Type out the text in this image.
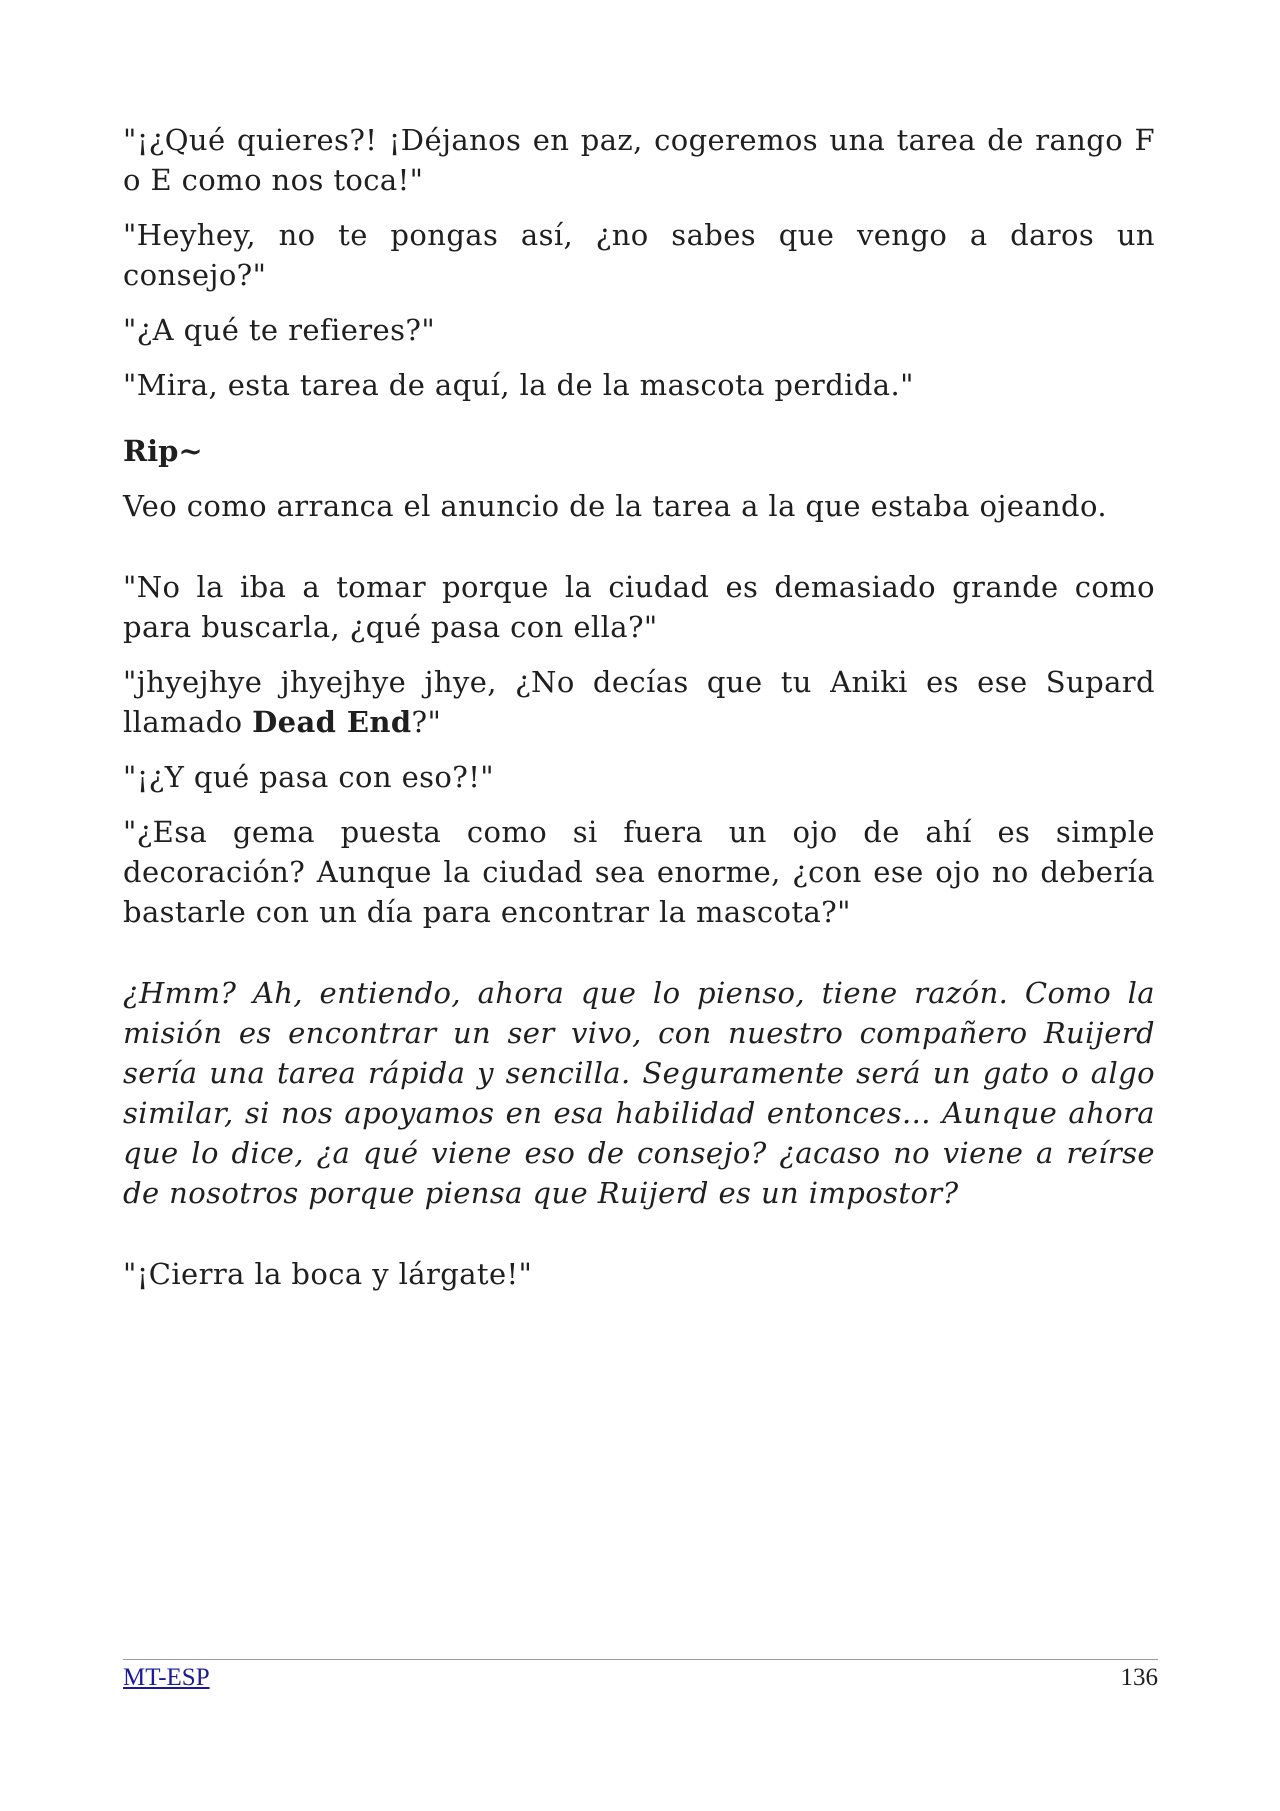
"¡¿Qué quieres?! ¡Déjanos en paz, cogeremos una tarea de rango F o E como nos toca!"

"Heyhey, no te pongas así, ¿no sabes que vengo a daros un consejo?"

"¿A qué te refieres?"

"Mira, esta tarea de aquí, la de la mascota perdida."

Rip~

Veo como arranca el anuncio de la tarea a la que estaba ojeando.

"No la iba a tomar porque la ciudad es demasiado grande como para buscarla, ¿qué pasa con ella?"

"jhyejhye jhyejhye jhye, ¿No decías que tu Aniki es ese Supard llamado Dead End?"

"¡¿Y qué pasa con eso?!"

"¿Esa gema puesta como si fuera un ojo de ahí es simple decoración? Aunque la ciudad sea enorme, ¿con ese ojo no debería bastarle con un día para encontrar la mascota?"

¿Hmm? Ah, entiendo, ahora que lo pienso, tiene razón. Como la misión es encontrar un ser vivo, con nuestro compañero Ruijerd sería una tarea rápida y sencilla. Seguramente será un gato o algo similar, si nos apoyamos en esa habilidad entonces... Aunque ahora que lo dice, ¿a qué viene eso de consejo? ¿acaso no viene a reírse de nosotros porque piensa que Ruijerd es un impostor?

"¡Cierra la boca y lárgate!"

MT-ESP	136
